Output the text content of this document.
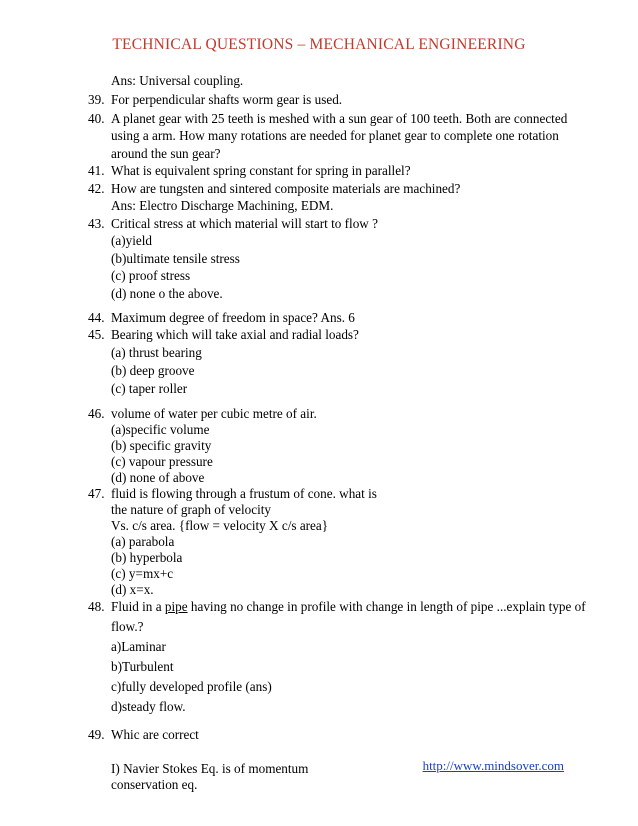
TECHNICAL QUESTIONS – MECHANICAL ENGINEERING
Ans: Universal coupling.
39. For perpendicular shafts worm gear is used.
40. A planet gear with 25 teeth is meshed with a sun gear of 100 teeth. Both are connected
using a arm. How many rotations are needed for planet gear to complete one rotation
around the sun gear?
41. What is equivalent spring constant for spring in parallel?
42. How are tungsten and sintered composite materials are machined?
Ans: Electro Discharge Machining, EDM.
43. Critical stress at which material will start to flow ?
(a)yield
(b)ultimate tensile stress
(c) proof stress
(d) none o the above.
44. Maximum degree of freedom in space? Ans. 6
45. Bearing which will take axial and radial loads?
(a) thrust bearing
(b) deep groove
(c) taper roller
46. volume of water per cubic metre of air.
(a)specific volume
(b) specific gravity
(c) vapour pressure
(d) none of above
47. fluid is flowing through a frustum of cone. what is
the nature of graph of velocity
Vs. c/s area. {flow = velocity X c/s area}
(a) parabola
(b) hyperbola
(c) y=mx+c
(d) x=x.
48. Fluid in a pipe having no change in profile with change in length of pipe ...explain type of
flow.?
a)Laminar
b)Turbulent
c)fully developed profile (ans)
d)steady flow.
49. Whic are correct
I) Navier Stokes Eq. is of momentum
conservation eq.
http://www.mindsover.com
